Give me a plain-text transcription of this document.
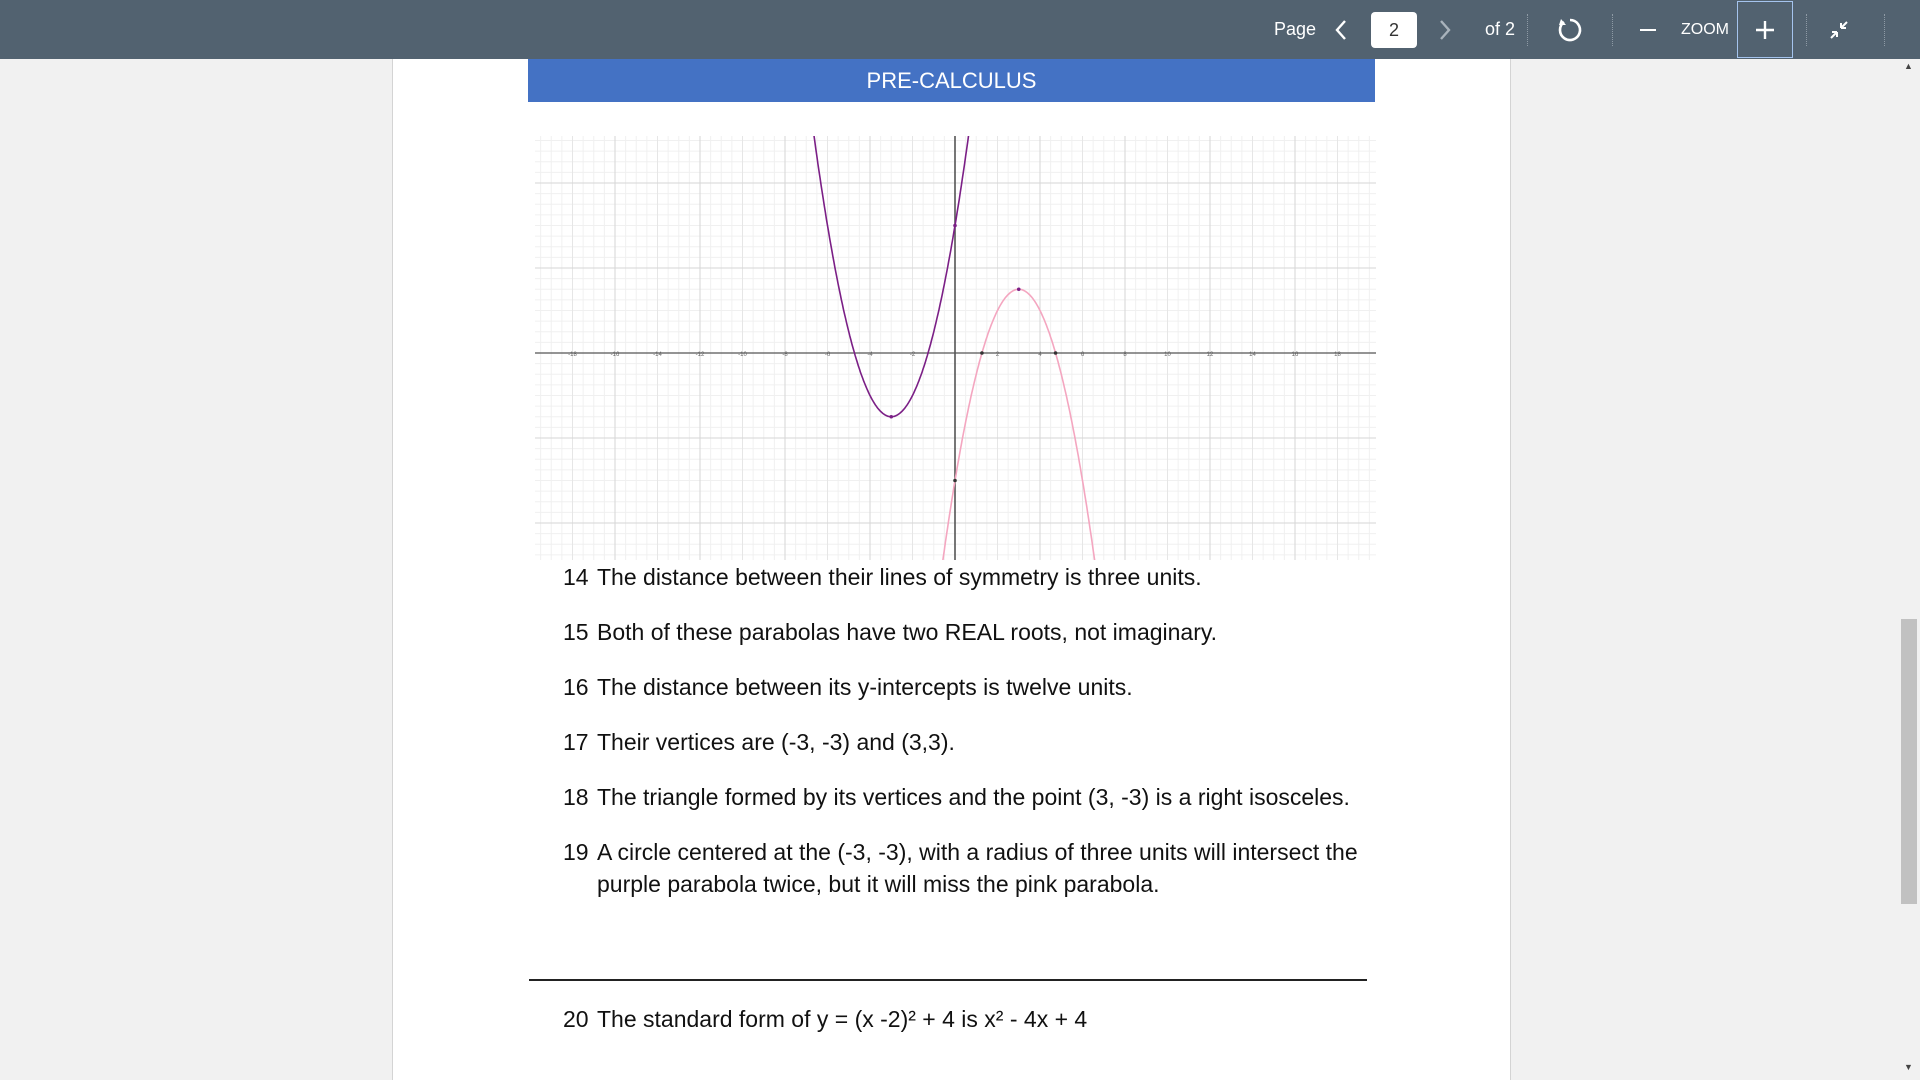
Page	2	of 2	ZOOM
PRE-CALCULUS
-18	-16	-14	-12	-10	-8	-6	-4	-2	2	4	6	8	10	12	14	16	18
14 The distance between their lines of symmetry is three units.
15 Both of these parabolas have two REAL roots, not imaginary.
16 The distance between its y-intercepts is twelve units.
17 Their vertices are (-3, -3) and (3,3).
18 The triangle formed by its vertices and the point (3, -3) is a right isosceles.
19 A circle centered at the (-3, -3), with a radius of three units will intersect the purple parabola twice, but it will miss the pink parabola.
20 The standard form of y = (x -2)² + 4 is x² - 4x + 4
▲
▼
